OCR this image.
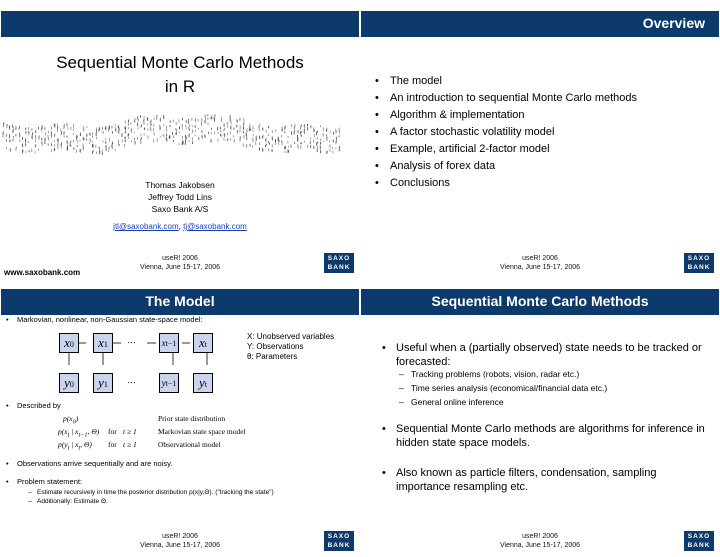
Sequential Monte Carlo Methods
in R
Thomas Jakobsen
Jeffrey Todd Lins
Saxo Bank A/S
jtl@saxobank.com, tj@saxobank.com
useR! 2006
Vienna, June 15-17, 2006
SAXO
BANK
www.saxobank.com
Overview
• The model
• An introduction to sequential Monte Carlo methods
• Algorithm & implementation
• A factor stochastic volatility model
• Example, artificial 2-factor model
• Analysis of forex data
• Conclusions
useR! 2006
Vienna, June 15-17, 2006
SAXO
BANK
The Model
• Markovian, nonlinear, non-Gaussian state-space model:
x0	x1	…	xt−1	xt
y0	y1	…	yt−1	yt
X: Unobserved variables
Y: Observations
θ: Parameters
• Described by
$p(x_0)$	Prior state distribution
$p(x_t$ | $x_{t-1}$, Θ) for t ≥ 1	Markovian state space model
$p(y_t$ | $x_t$, Θ) for t ≥ 1	Observational model
• Observations arrive sequentially and are noisy.
• Problem statement:
– Estimate recursively in time the posterior distribution p(x|y,Θ). ("tracking the state")
– Additionally: Estimate Θ.
useR! 2006
Vienna, June 15-17, 2006
SAXO
BANK
Sequential Monte Carlo Methods
• Useful when a (partially observed) state needs to be tracked or forecasted:
– Tracking problems (robots, vision, radar etc.)
– Time series analysis (economical/financial data etc.)
– General online inference
• Sequential Monte Carlo methods are algorithms for inference in hidden state space models.
• Also known as particle filters, condensation, sampling importance resampling etc.
useR! 2006
Vienna, June 15-17, 2006
SAXO
BANK
